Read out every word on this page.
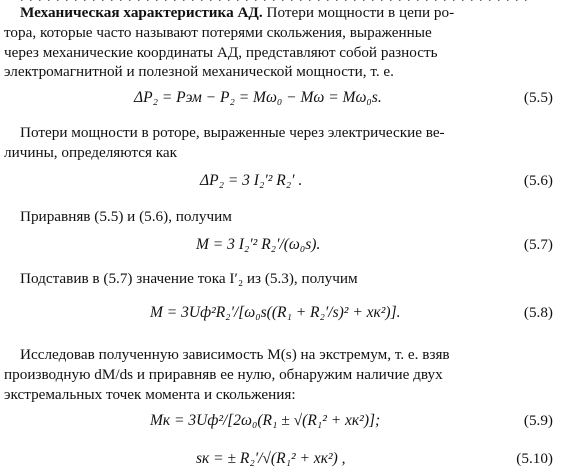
Механическая характеристика АД. Потери мощности в цепи ро-
тора, которые часто называют потерями скольжения, выраженные
через механические координаты АД, представляют собой разность
электромагнитной и полезной механической мощности, т. е.
ΔP₂ = Pэм − P₂ = Mω₀ − Mω = Mω₀s.	(5.5)
Потери мощности в роторе, выраженные через электрические ве-
личины, определяются как
ΔP₂ = 3 I₂′² R₂′ .	(5.6)
Приравняв (5.5) и (5.6), получим
M = 3 I₂′² R₂′/(ω₀s).	(5.7)
Подставив в (5.7) значение тока I′₂ из (5.3), получим
M = 3Uф²R₂′/[ω₀s((R₁ + R₂′/s)² + xк²)].	(5.8)
Исследовав полученную зависимость M(s) на экстремум, т. е. взяв
производную dM/ds и приравняв ее нулю, обнаружим наличие двух
экстремальных точек момента и скольжения:
Mк = 3Uф²/[2ω₀(R₁ ± √(R₁² + xк²)];	(5.9)
sк = ± R₂′/√(R₁² + xк²) ,	(5.10)
